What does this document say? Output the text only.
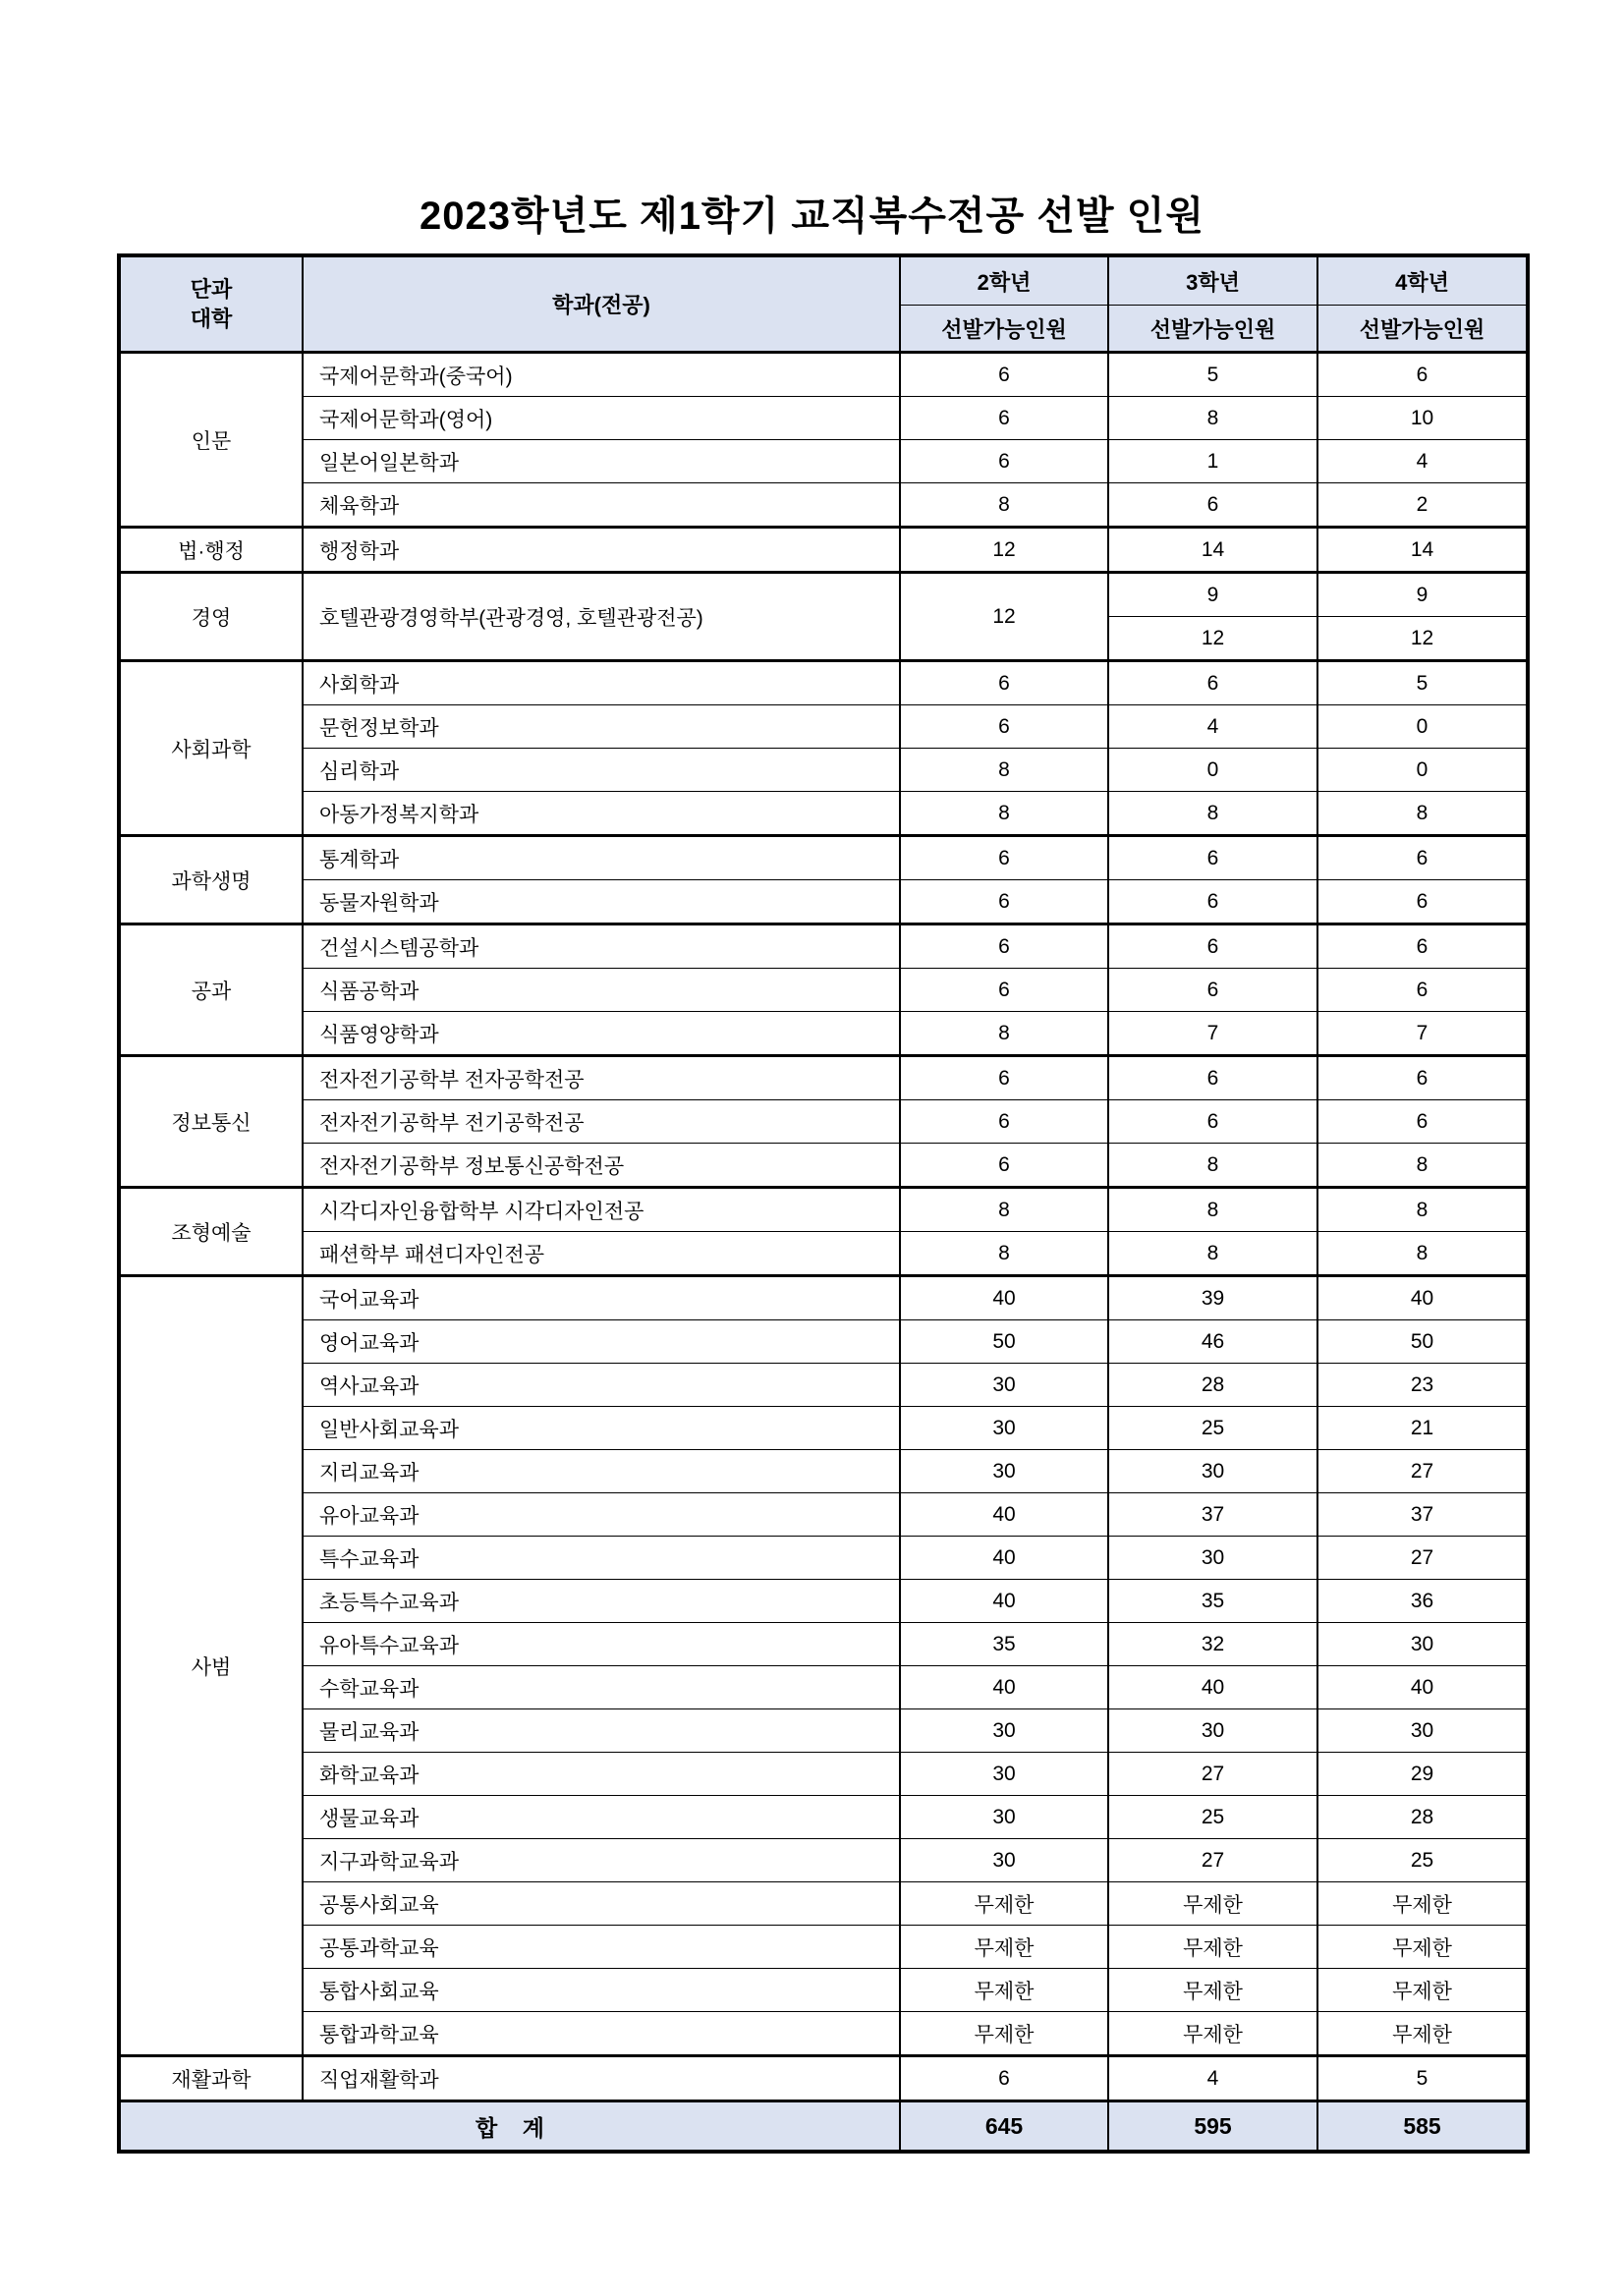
2023학년도 제1학기 교직복수전공 선발 인원
단과
대학	학과(전공)	2학년	3학년	4학년
		선발가능인원	선발가능인원	선발가능인원
인문	국제어문학과(중국어)	6	5	6
	국제어문학과(영어)	6	8	10
	일본어일본학과	6	1	4
	체육학과	8	6	2
법·행정	행정학과	12	14	14
경영	호텔관광경영학부(관광경영, 호텔관광전공)	12	9	9
			12	12
사회과학	사회학과	6	6	5
	문헌정보학과	6	4	0
	심리학과	8	0	0
	아동가정복지학과	8	8	8
과학생명	통계학과	6	6	6
	동물자원학과	6	6	6
공과	건설시스템공학과	6	6	6
	식품공학과	6	6	6
	식품영양학과	8	7	7
정보통신	전자전기공학부 전자공학전공	6	6	6
	전자전기공학부 전기공학전공	6	6	6
	전자전기공학부 정보통신공학전공	6	8	8
조형예술	시각디자인융합학부 시각디자인전공	8	8	8
	패션학부 패션디자인전공	8	8	8
사범	국어교육과	40	39	40
	영어교육과	50	46	50
	역사교육과	30	28	23
	일반사회교육과	30	25	21
	지리교육과	30	30	27
	유아교육과	40	37	37
	특수교육과	40	30	27
	초등특수교육과	40	35	36
	유아특수교육과	35	32	30
	수학교육과	40	40	40
	물리교육과	30	30	30
	화학교육과	30	27	29
	생물교육과	30	25	28
	지구과학교육과	30	27	25
	공통사회교육	무제한	무제한	무제한
	공통과학교육	무제한	무제한	무제한
	통합사회교육	무제한	무제한	무제한
	통합과학교육	무제한	무제한	무제한
재활과학	직업재활학과	6	4	5
합    계		645	595	585
